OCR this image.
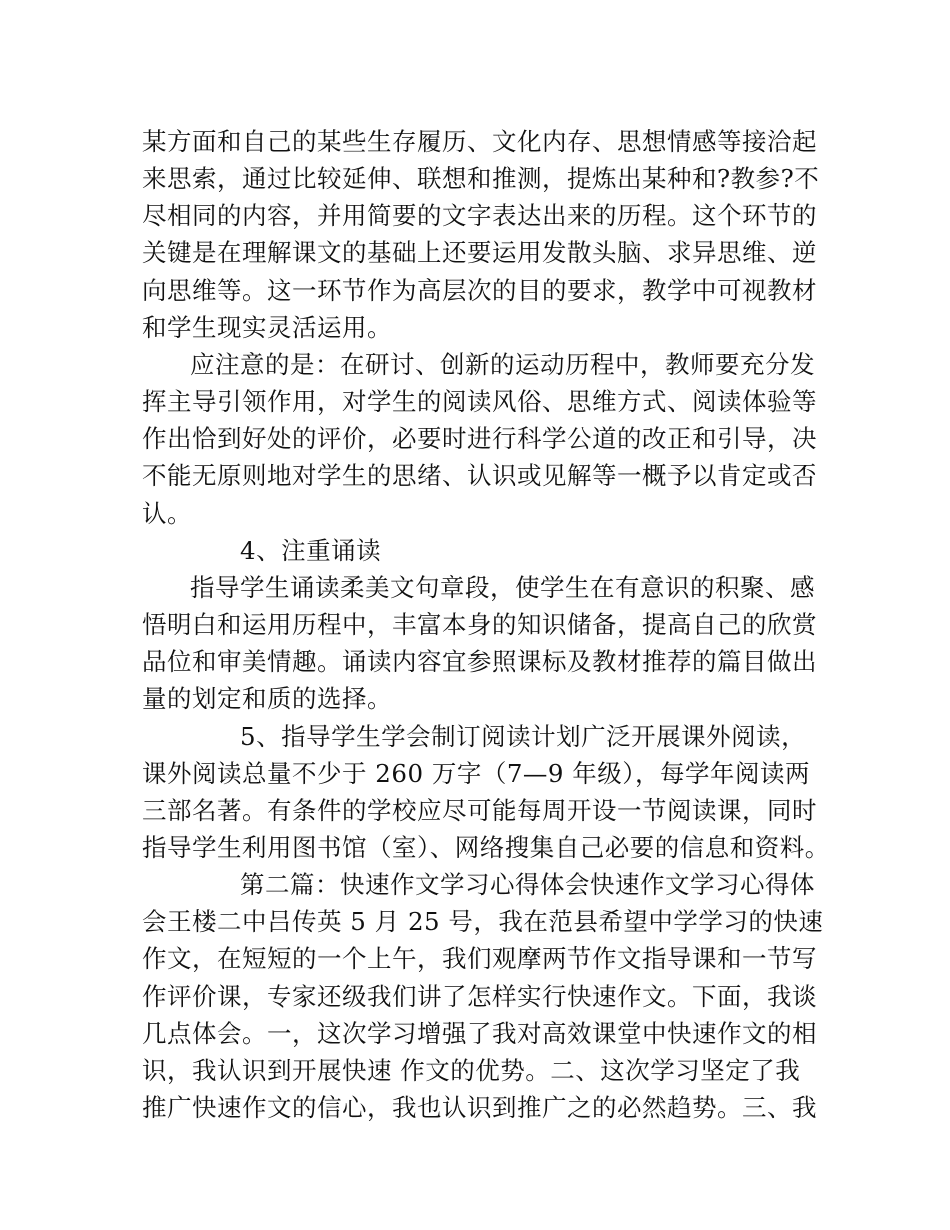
某方面和自己的某些生存履历、文化内存、思想情感等接洽起
来思索，通过比较延伸、联想和推测，提炼出某种和?教参?不
尽相同的内容，并用简要的文字表达出来的历程。这个环节的
关键是在理解课文的基础上还要运用发散头脑、求异思维、逆
向思维等。这一环节作为高层次的目的要求，教学中可视教材
和学生现实灵活运用。
应注意的是：在研讨、创新的运动历程中，教师要充分发
挥主导引领作用，对学生的阅读风俗、思维方式、阅读体验等
作出恰到好处的评价，必要时进行科学公道的改正和引导，决
不能无原则地对学生的思绪、认识或见解等一概予以肯定或否
认。
4、注重诵读
指导学生诵读柔美文句章段，使学生在有意识的积聚、感
悟明白和运用历程中，丰富本身的知识储备，提高自己的欣赏
品位和审美情趣。诵读内容宜参照课标及教材推荐的篇目做出
量的划定和质的选择。
5、指导学生学会制订阅读计划广泛开展课外阅读，
课外阅读总量不少于 260 万字（7—9 年级），每学年阅读两
三部名著。有条件的学校应尽可能每周开设一节阅读课，同时
指导学生利用图书馆（室）、网络搜集自己必要的信息和资料。
第二篇：快速作文学习心得体会快速作文学习心得体
会王楼二中吕传英 5 月 25 号，我在范县希望中学学习的快速
作文，在短短的一个上午，我们观摩两节作文指导课和一节写
作评价课，专家还级我们讲了怎样实行快速作文。下面，我谈
几点体会。一，这次学习增强了我对高效课堂中快速作文的相
识，我认识到开展快速 作文的优势。二、这次学习坚定了我
推广快速作文的信心，我也认识到推广之的必然趋势。三、我
